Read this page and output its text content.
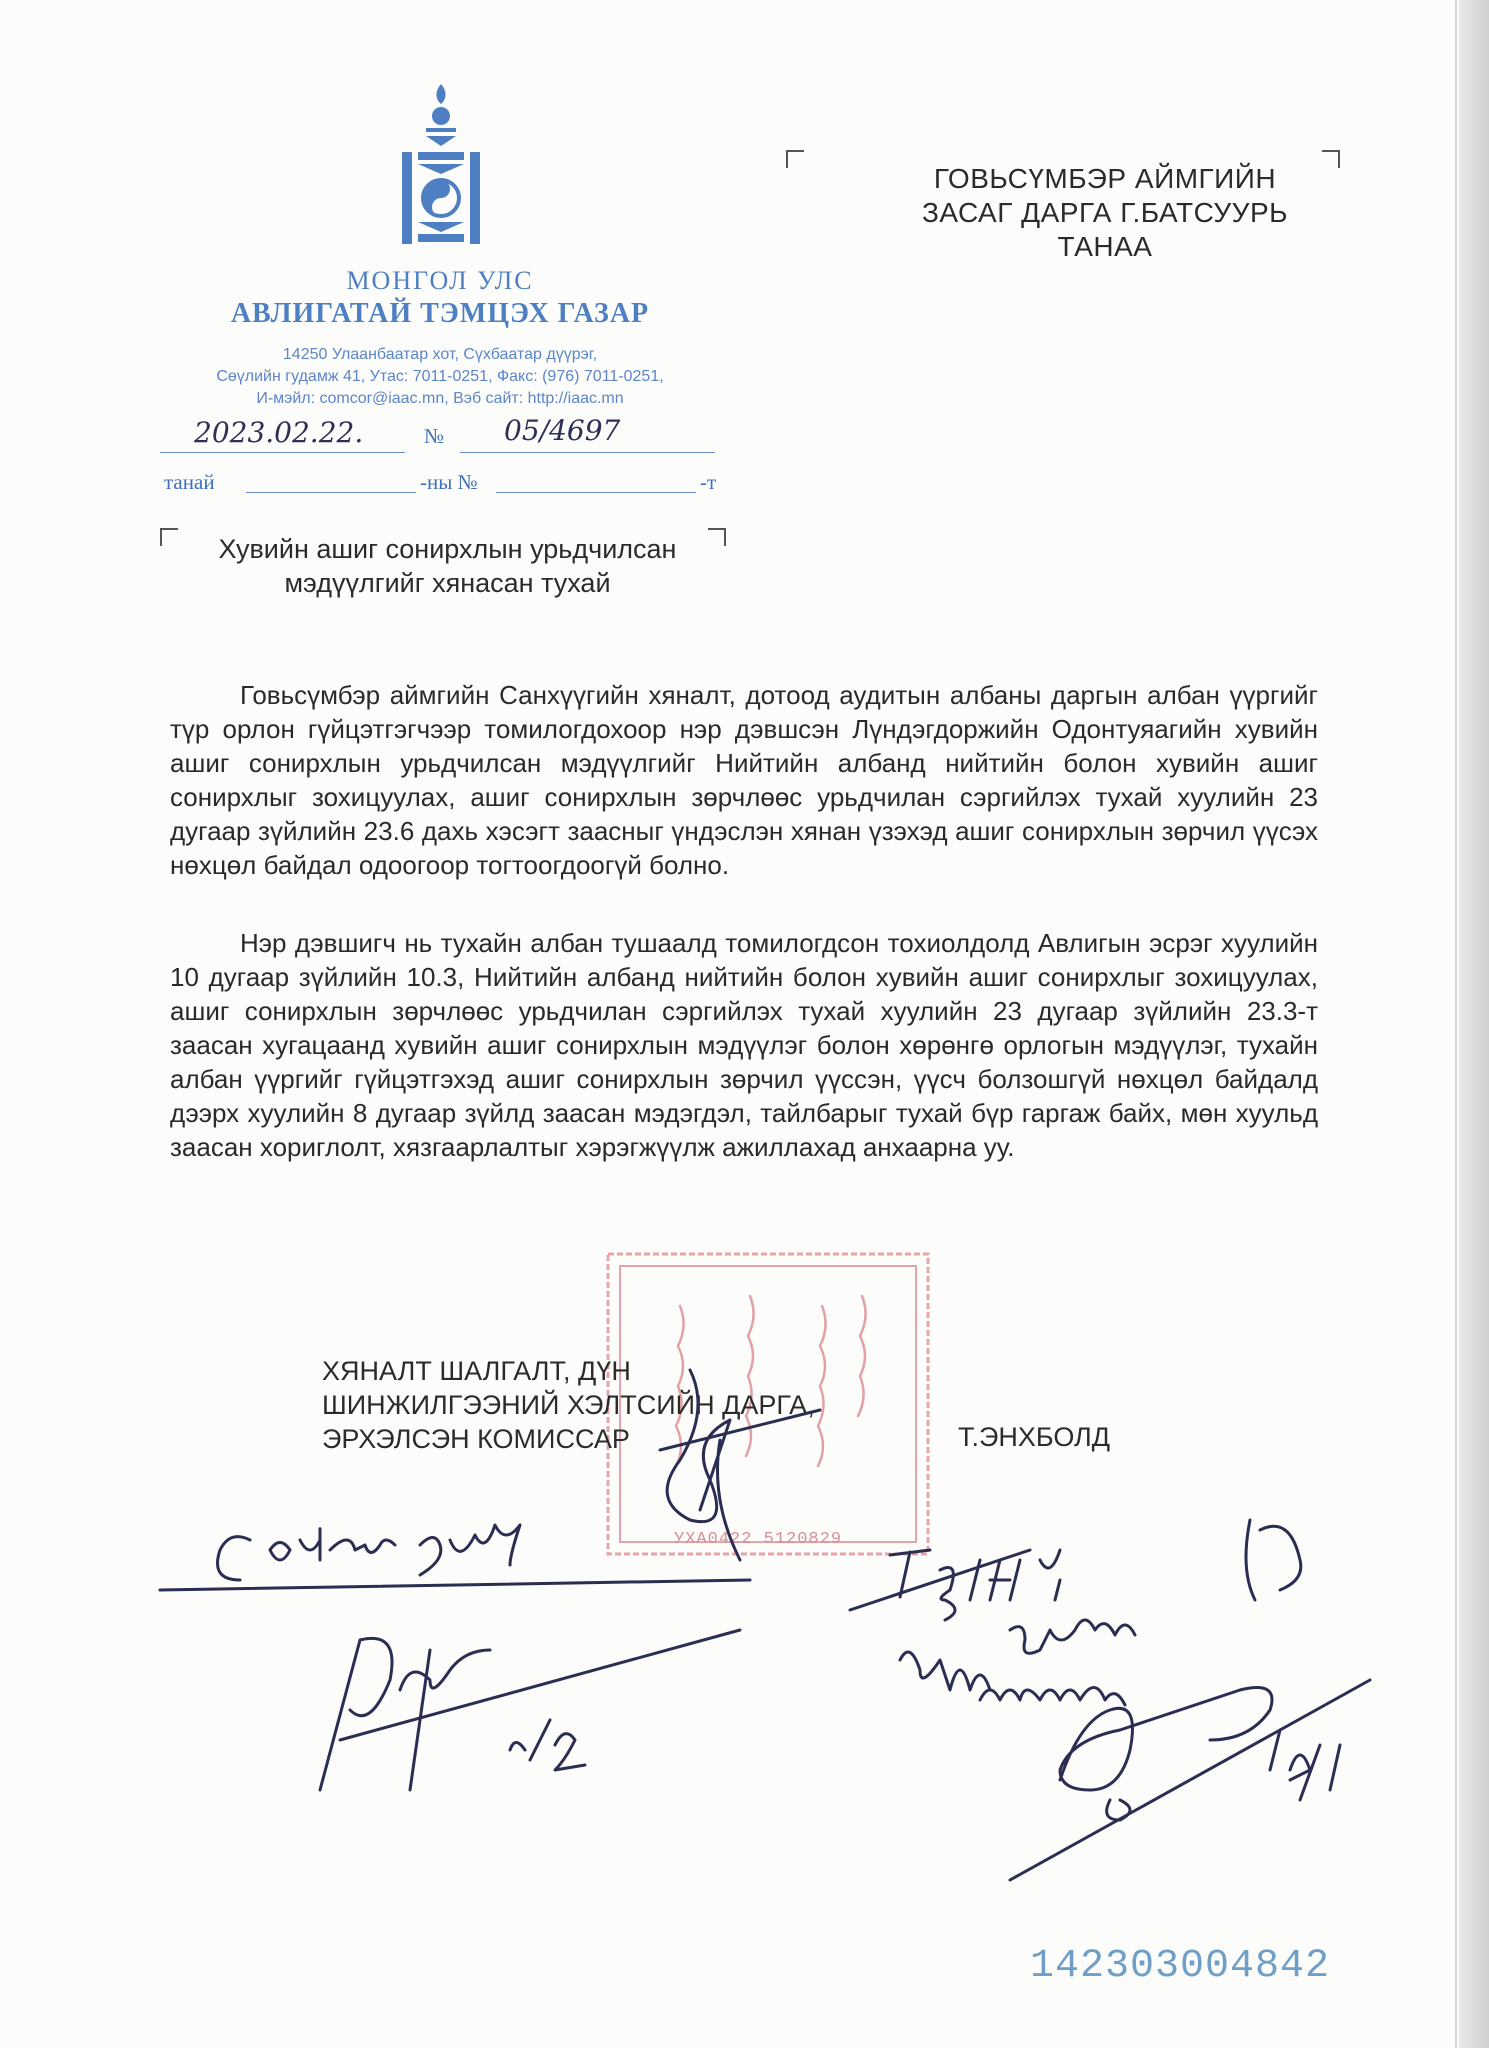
МОНГОЛ УЛС
АВЛИГАТАЙ ТЭМЦЭХ ГАЗАР
14250 Улаанбаатар хот, Сүхбаатар дүүрэг,
Сөүлийн гудамж 41, Утас: 7011-0251, Факс: (976) 7011-0251,
И-мэйл: comcor@iaac.mn, Вэб сайт: http://iaac.mn
2023.02.22.	№ 05/4697
танай	-ны №	-т
ГОВЬСҮМБЭР АЙМГИЙН
ЗАСАГ ДАРГА Г.БАТСУУРЬ
ТАНАА
Хувийн ашиг сонирхлын урьдчилсан
мэдүүлгийг хянасан тухай

Говьсүмбэр аймгийн Санхүүгийн хяналт, дотоод аудитын албаны даргын албан үүргийг түр орлон гүйцэтгэгчээр томилогдохоор нэр дэвшсэн Лүндэгдоржийн Одонтуяагийн хувийн ашиг сонирхлын урьдчилсан мэдүүлгийг Нийтийн албанд нийтийн болон хувийн ашиг сонирхлыг зохицуулах, ашиг сонирхлын зөрчлөөс урьдчилан сэргийлэх тухай хуулийн 23 дугаар зүйлийн 23.6 дахь хэсэгт заасныг үндэслэн хянан үзэхэд ашиг сонирхлын зөрчил үүсэх нөхцөл байдал одоогоор тогтоогдоогүй болно.

Нэр дэвшигч нь тухайн албан тушаалд томилогдсон тохиолдолд Авлигын эсрэг хуулийн 10 дугаар зүйлийн 10.3, Нийтийн албанд нийтийн болон хувийн ашиг сонирхлыг зохицуулах, ашиг сонирхлын зөрчлөөс урьдчилан сэргийлэх тухай хуулийн 23 дугаар зүйлийн 23.3-т заасан хугацаанд хувийн ашиг сонирхлын мэдүүлэг болон хөрөнгө орлогын мэдүүлэг, тухайн албан үүргийг гүйцэтгэхэд ашиг сонирхлын зөрчил үүссэн, үүсч болзошгүй нөхцөл байдалд дээрх хуулийн 8 дугаар зүйлд заасан мэдэгдэл, тайлбарыг тухай бүр гаргаж байх, мөн хуульд заасан хориглолт, хязгаарлалтыг хэрэгжүүлж ажиллахад анхаарна уу.

УХА0422 5120829
ХЯНАЛТ ШАЛГАЛТ, ДҮН
ШИНЖИЛГЭЭНИЙ ХЭЛТСИЙН ДАРГА,
ЭРХЭЛСЭН КОМИССАР	Т.ЭНХБОЛД
142303004842
